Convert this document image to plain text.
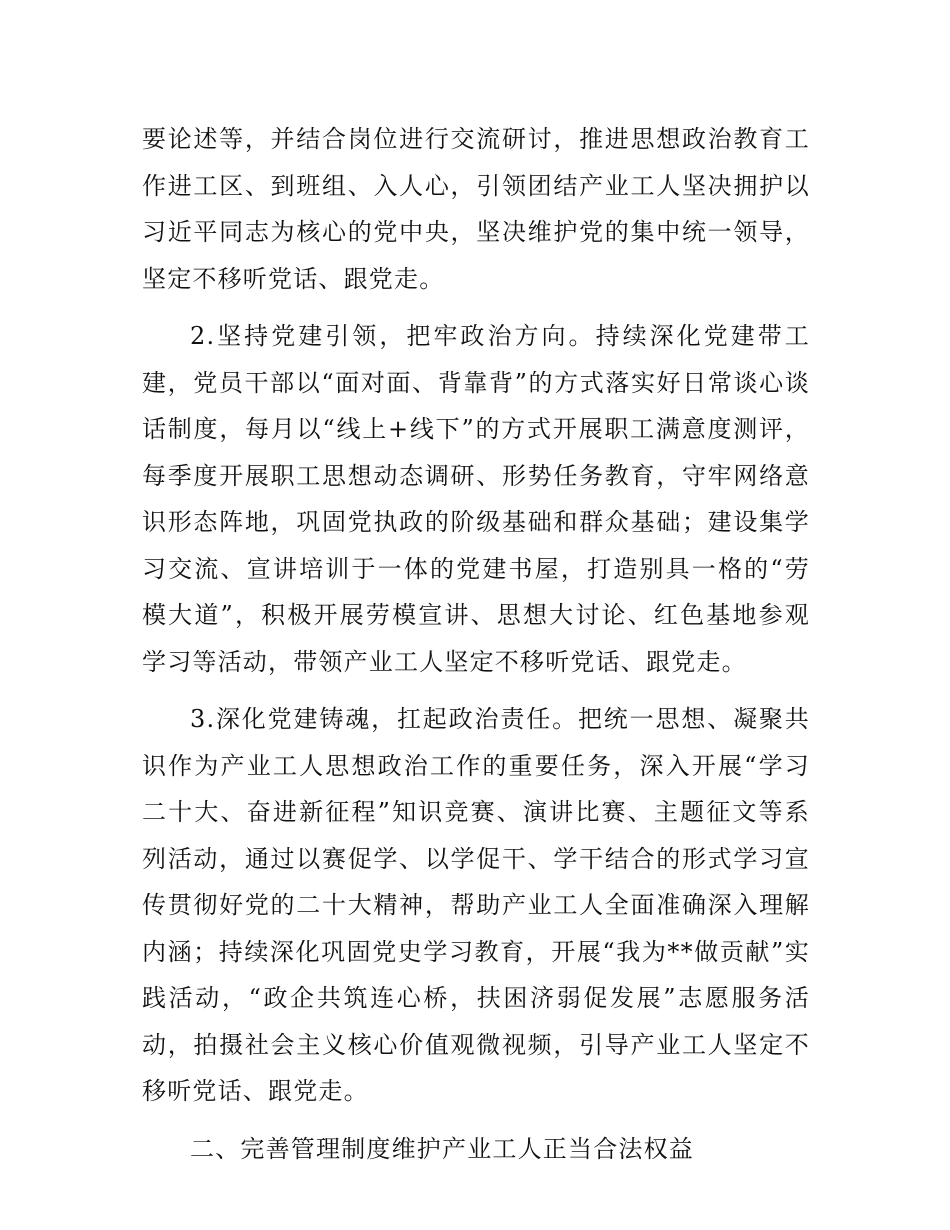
要论述等，并结合岗位进行交流研讨，推进思想政治教育工作进工区、到班组、入人心，引领团结产业工人坚决拥护以习近平同志为核心的党中央，坚决维护党的集中统一领导，坚定不移听党话、跟党走。

2.坚持党建引领，把牢政治方向。持续深化党建带工建，党员干部以“面对面、背靠背”的方式落实好日常谈心谈话制度，每月以“线上+线下”的方式开展职工满意度测评，每季度开展职工思想动态调研、形势任务教育，守牢网络意识形态阵地，巩固党执政的阶级基础和群众基础；建设集学习交流、宣讲培训于一体的党建书屋，打造别具一格的“劳模大道”，积极开展劳模宣讲、思想大讨论、红色基地参观学习等活动，带领产业工人坚定不移听党话、跟党走。

3.深化党建铸魂，扛起政治责任。把统一思想、凝聚共识作为产业工人思想政治工作的重要任务，深入开展“学习二十大、奋进新征程”知识竞赛、演讲比赛、主题征文等系列活动，通过以赛促学、以学促干、学干结合的形式学习宣传贯彻好党的二十大精神，帮助产业工人全面准确深入理解内涵；持续深化巩固党史学习教育，开展“我为**做贡献”实践活动，“政企共筑连心桥，扶困济弱促发展”志愿服务活动，拍摄社会主义核心价值观微视频，引导产业工人坚定不移听党话、跟党走。

二、完善管理制度维护产业工人正当合法权益
